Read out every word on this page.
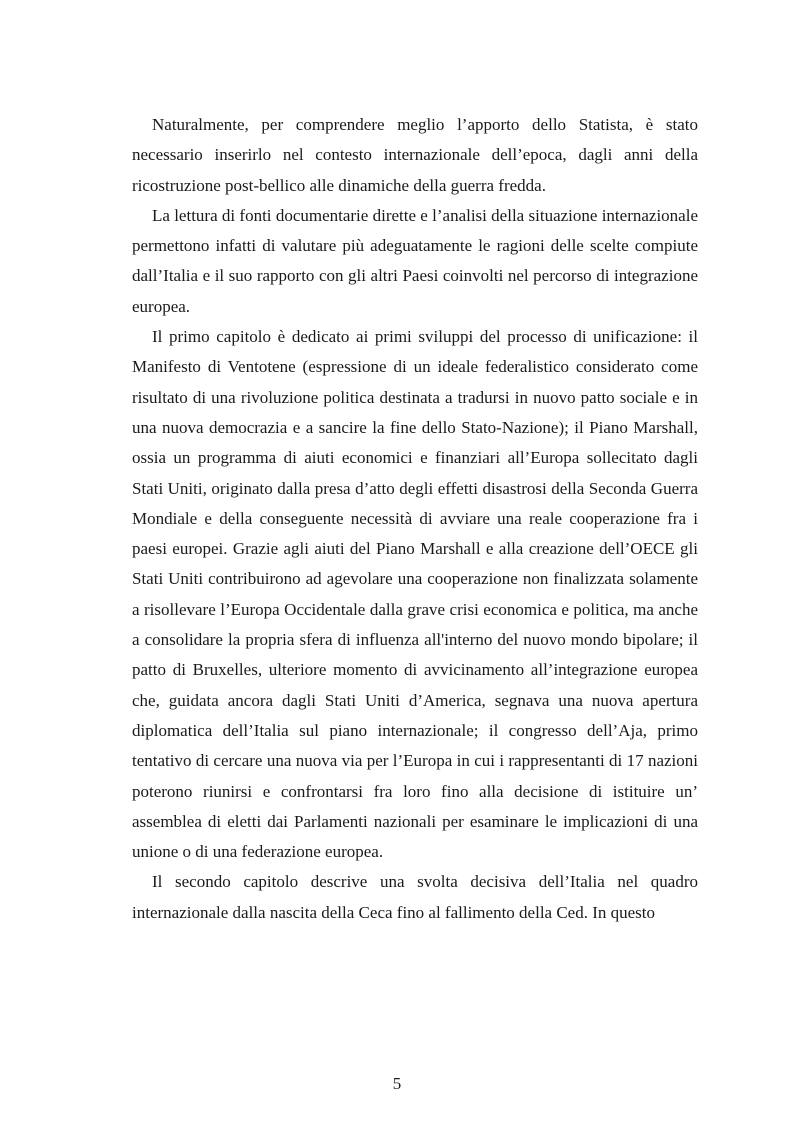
Naturalmente, per comprendere meglio l’apporto dello Statista, è stato necessario inserirlo nel contesto internazionale dell’epoca, dagli anni della ricostruzione post-bellico alle dinamiche della guerra fredda.

La lettura di fonti documentarie dirette e l’analisi della situazione internazionale permettono infatti di valutare più adeguatamente le ragioni delle scelte compiute dall’Italia e il suo rapporto con gli altri Paesi coinvolti nel percorso di integrazione europea.

Il primo capitolo è dedicato ai primi sviluppi del processo di unificazione: il Manifesto di Ventotene (espressione di un ideale federalistico considerato come risultato di una rivoluzione politica destinata a tradursi in nuovo patto sociale e in una nuova democrazia e a sancire la fine dello Stato-Nazione); il Piano Marshall, ossia un programma di aiuti economici e finanziari all’Europa sollecitato dagli Stati Uniti, originato dalla presa d’atto degli effetti disastrosi della Seconda Guerra Mondiale e della conseguente necessità di avviare una reale cooperazione fra i paesi europei. Grazie agli aiuti del Piano Marshall e alla creazione dell’OECE gli Stati Uniti contribuirono ad agevolare una cooperazione non finalizzata solamente a risollevare l’Europa Occidentale dalla grave crisi economica e politica, ma anche a consolidare la propria sfera di influenza all'interno del nuovo mondo bipolare; il patto di Bruxelles, ulteriore momento di avvicinamento all’integrazione europea che, guidata ancora dagli Stati Uniti d’America, segnava una nuova apertura diplomatica dell’Italia sul piano internazionale; il congresso dell’Aja, primo tentativo di cercare una nuova via per l’Europa in cui i rappresentanti di 17 nazioni poterono riunirsi e confrontarsi fra loro fino alla decisione di istituire un’ assemblea di eletti dai Parlamenti nazionali per esaminare le implicazioni di una unione o di una federazione europea.

Il secondo capitolo descrive una svolta decisiva dell’Italia nel quadro internazionale dalla nascita della Ceca fino al fallimento della Ced. In questo

5
